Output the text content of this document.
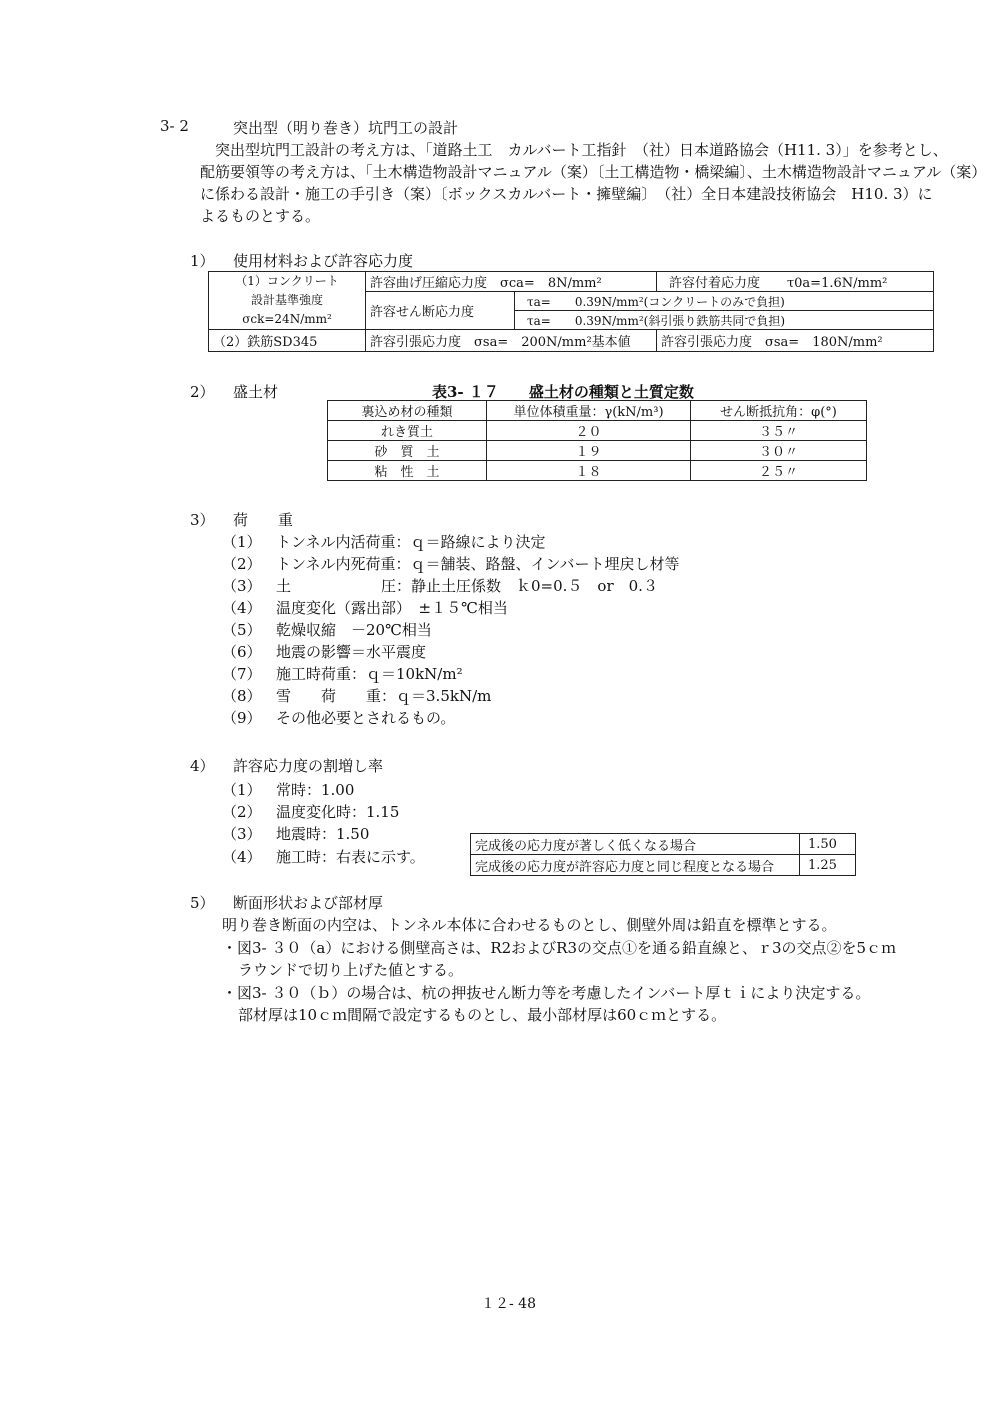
3- 2	突出型（明り巻き）坑門工の設計
突出型坑門工設計の考え方は、「道路土工　カルバート工指針　（社）日本道路協会（H11. 3）」を参考とし、
配筋要領等の考え方は、「土木構造物設計マニュアル（案）〔土工構造物・橋梁編〕、土木構造物設計マニュアル（案）
に係わる設計・施工の手引き（案）〔ボックスカルバート・擁壁編〕　（社）全日本建設技術協会　H10. 3）に
よるものとする。
1） 使用材料および許容応力度
（1）コンクリート
設計基準強度
σck=24N/mm²	許容曲げ圧縮応力度　 σca=　8N/mm²		許容付着応力度 τ0a=1.6N/mm²
	許容せん断応力度	τa=　　0.39N/mm²(コンクリートのみで負担)	
		τa=　　0.39N/mm²(斜引張り鉄筋共同で負担)	
（2）鉄筋SD345	許容引張応力度　 σsa=　200N/mm²基本値		許容引張応力度　 σsa=　180N/mm²
2） 盛土材	表3- １７　　盛土材の種類と土質定数
裏込め材の種類	単位体積重量：γ(kN/m³)	せん断抵抗角：φ(°)
れき質土	２０	３５〃
砂　質　土	１９	３０〃
粘　性　土	１８	２５〃
3） 荷　　重
（1） トンネル内活荷重：ｑ＝路線により決定
（2） トンネル内死荷重：ｑ＝舗装、路盤、インバート埋戻し材等
（3） 土　　　　　　圧：静止土圧係数　ｋ0=0.５　or　0.３
（4） 温度変化（露出部）　±１５℃相当
（5） 乾燥収縮　－20℃相当
（6） 地震の影響＝水平震度
（7） 施工時荷重：ｑ＝10kN/m²
（8） 雪　　荷　　重：ｑ＝3.5kN/m
（9） その他必要とされるもの。
4） 許容応力度の割増し率
（1） 常時：1.00
（2） 温度変化時：1.15
（3） 地震時：1.50
（4） 施工時：右表に示す。
完成後の応力度が著しく低くなる場合	1.50
完成後の応力度が許容応力度と同じ程度となる場合	1.25
5） 断面形状および部材厚
明り巻き断面の内空は、トンネル本体に合わせるものとし、側壁外周は鉛直を標準とする。
・図3- ３０（a）における側壁高さは、R2およびR3の交点①を通る鉛直線と、ｒ3の交点②を5ｃｍ
ラウンドで切り上げた値とする。
・図3- ３０（ｂ）の場合は、杭の押抜せん断力等を考慮したインバート厚ｔｉにより決定する。
部材厚は10ｃｍ間隔で設定するものとし、最小部材厚は60ｃｍとする。
１２- 48
